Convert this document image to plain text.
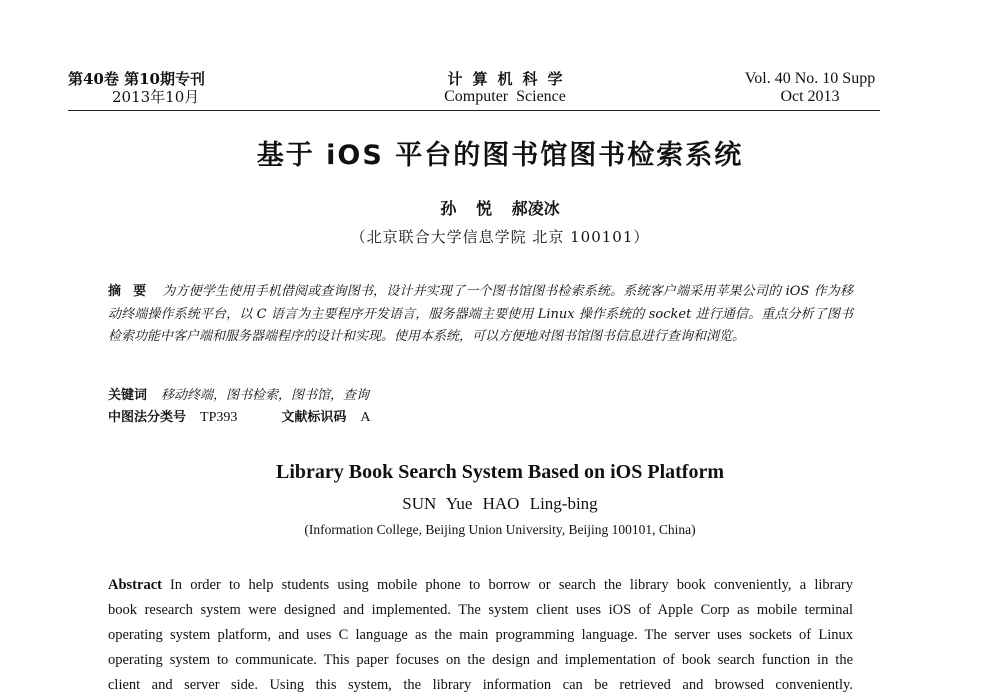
第40卷 第10期专刊
2013年10月
计算机科学
Computer Science
Vol. 40 No. 10 Supp
Oct 2013
基于 iOS 平台的图书馆图书检索系统
孙 悦 郝凌冰
（北京联合大学信息学院 北京 100101）
摘要 为方便学生使用手机借阅或查询图书，设计并实现了一个图书馆图书检索系统。系统客户端采用苹果公司的 iOS 作为移动终端操作系统平台，以 C 语言为主要程序开发语言，服务器端主要使用 Linux 操作系统的 socket 进行通信。重点分析了图书检索功能中客户端和服务器端程序的设计和实现。使用本系统，可以方便地对图书馆图书信息进行查询和浏览。
关键词 移动终端，图书检索，图书馆，查询
中图法分类号 TP393	文献标识码 A
Library Book Search System Based on iOS Platform
SUN Yue HAO Ling-bing
(Information College, Beijing Union University, Beijing 100101, China)
Abstract In order to help students using mobile phone to borrow or search the library book conveniently, a library
book research system were designed and implemented. The system client uses iOS of Apple Corp as mobile terminal
operating system platform, and uses C language as the main programming language. The server uses sockets of Linux
operating system to communicate. This paper focuses on the design and implementation of book search function in the
client and server side. Using this system, the library information can be retrieved and browsed conveniently.
